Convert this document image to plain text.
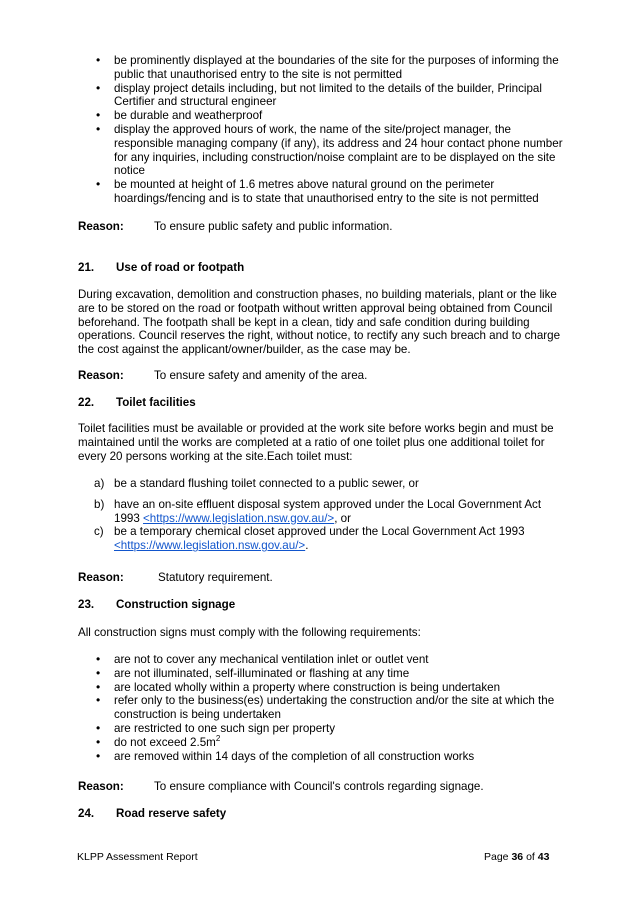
• be prominently displayed at the boundaries of the site for the purposes of informing the public that unauthorised entry to the site is not permitted
• display project details including, but not limited to the details of the builder, Principal Certifier and structural engineer
• be durable and weatherproof
• display the approved hours of work, the name of the site/project manager, the responsible managing company (if any), its address and 24 hour contact phone number for any inquiries, including construction/noise complaint are to be displayed on the site notice
• be mounted at height of 1.6 metres above natural ground on the perimeter hoardings/fencing and is to state that unauthorised entry to the site is not permitted
Reason:	To ensure public safety and public information.
21. Use of road or footpath
During excavation, demolition and construction phases, no building materials, plant or the like are to be stored on the road or footpath without written approval being obtained from Council beforehand. The footpath shall be kept in a clean, tidy and safe condition during building operations. Council reserves the right, without notice, to rectify any such breach and to charge the cost against the applicant/owner/builder, as the case may be.
Reason:	To ensure safety and amenity of the area.
22. Toilet facilities
Toilet facilities must be available or provided at the work site before works begin and must be maintained until the works are completed at a ratio of one toilet plus one additional toilet for every 20 persons working at the site.Each toilet must:
a) be a standard flushing toilet connected to a public sewer, or
b) have an on-site effluent disposal system approved under the Local Government Act 1993 <https://www.legislation.nsw.gov.au/>, or
c) be a temporary chemical closet approved under the Local Government Act 1993 <https://www.legislation.nsw.gov.au/>.
Reason:	Statutory requirement.
23. Construction signage
All construction signs must comply with the following requirements:
• are not to cover any mechanical ventilation inlet or outlet vent
• are not illuminated, self-illuminated or flashing at any time
• are located wholly within a property where construction is being undertaken
• refer only to the business(es) undertaking the construction and/or the site at which the construction is being undertaken
• are restricted to one such sign per property
• do not exceed $2.5m^2$
• are removed within 14 days of the completion of all construction works
Reason:	To ensure compliance with Council's controls regarding signage.
24. Road reserve safety
KLPP Assessment Report	Page 36 of 43
